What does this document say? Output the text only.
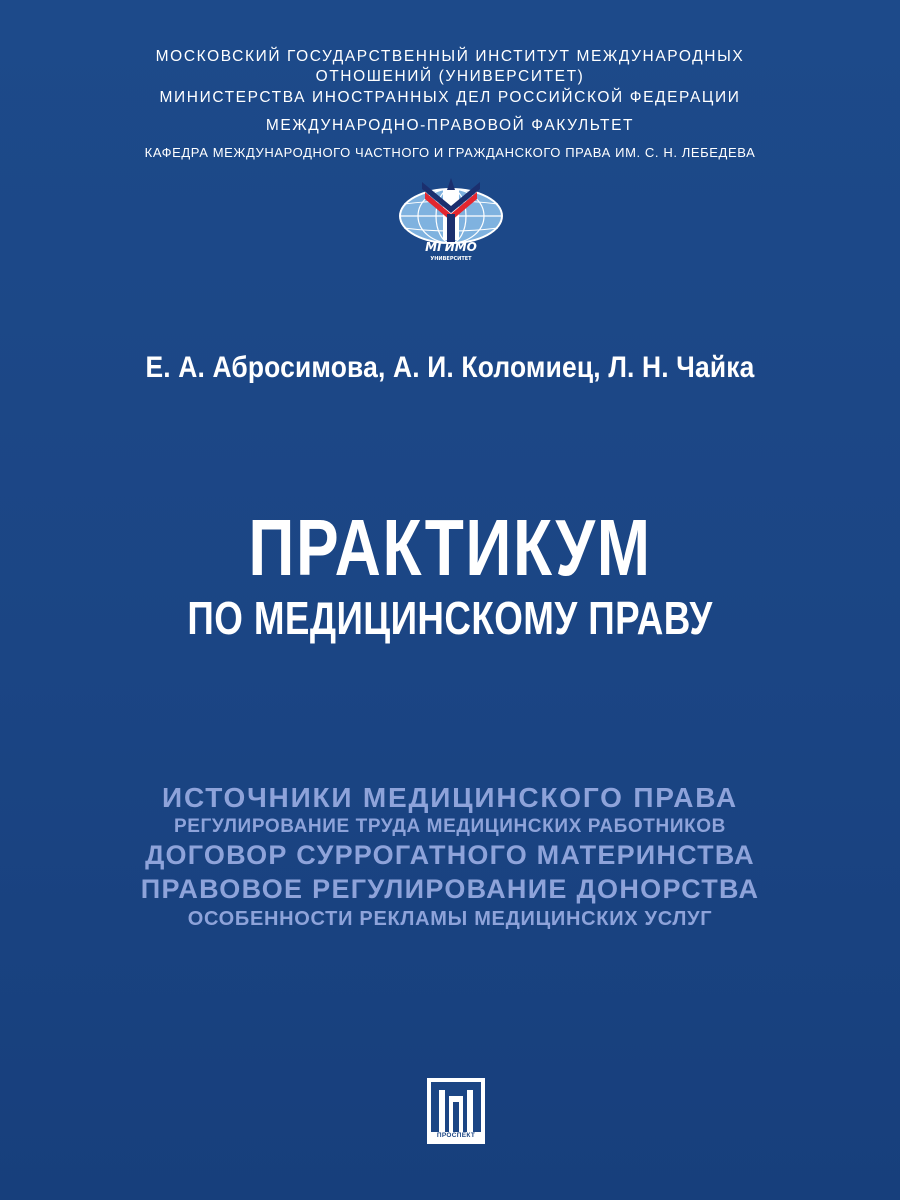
МОСКОВСКИЙ ГОСУДАРСТВЕННЫЙ ИНСТИТУТ МЕЖДУНАРОДНЫХ
ОТНОШЕНИЙ (УНИВЕРСИТЕТ)
МИНИСТЕРСТВА ИНОСТРАННЫХ ДЕЛ РОССИЙСКОЙ ФЕДЕРАЦИИ
МЕЖДУНАРОДНО-ПРАВОВОЙ ФАКУЛЬТЕТ
КАФЕДРА МЕЖДУНАРОДНОГО ЧАСТНОГО И ГРАЖДАНСКОГО ПРАВА ИМ. С. Н. ЛЕБЕДЕВА
МГИМО
УНИВЕРСИТЕТ
Е. А. Абросимова, А. И. Коломиец, Л. Н. Чайка
ПРАКТИКУМ
ПО МЕДИЦИНСКОМУ ПРАВУ
ИСТОЧНИКИ МЕДИЦИНСКОГО ПРАВА
РЕГУЛИРОВАНИЕ ТРУДА МЕДИЦИНСКИХ РАБОТНИКОВ
ДОГОВОР СУРРОГАТНОГО МАТЕРИНСТВА
ПРАВОВОЕ РЕГУЛИРОВАНИЕ ДОНОРСТВА
ОСОБЕННОСТИ РЕКЛАМЫ МЕДИЦИНСКИХ УСЛУГ
ПРОСПЕКТ
